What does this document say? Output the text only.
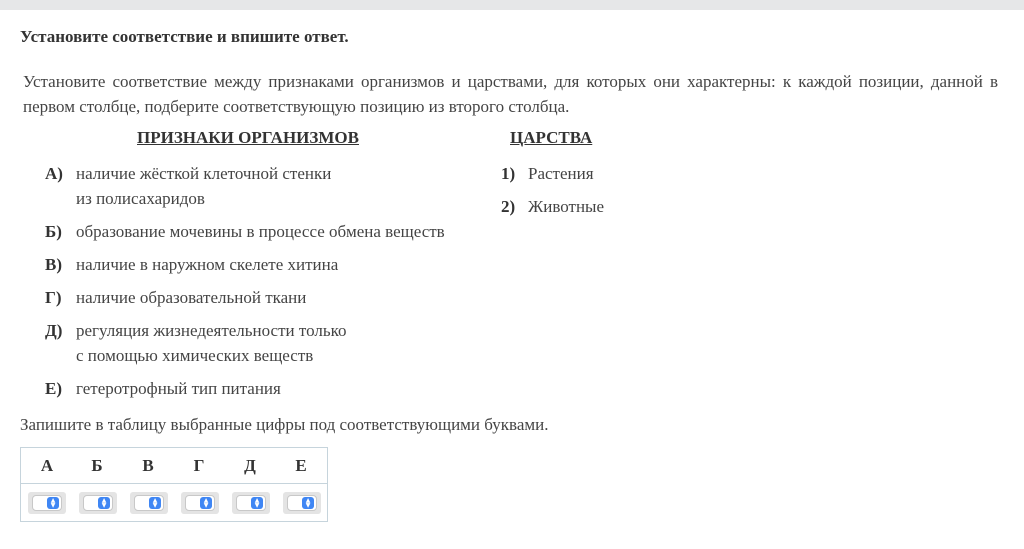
Установите соответствие и впишите ответ.
Установите соответствие между признаками организмов и царствами, для которых они характерны: к каждой позиции, данной в первом столбце, подберите соответствующую позицию из второго столбца.
ПРИЗНАКИ ОРГАНИЗМОВ	ЦАРСТВА
А) наличие жёсткой клеточной стенки
из полисахаридов
Б) образование мочевины в процессе обмена веществ
В) наличие в наружном скелете хитина
Г) наличие образовательной ткани
Д) регуляция жизнедеятельности только
с помощью химических веществ
Е) гетеротрофный тип питания
1) Растения
2) Животные
Запишите в таблицу выбранные цифры под соответствующими буквами.
А	Б	В	Г	Д	Е
▲
▼
▲
▼
▲
▼
▲
▼
▲
▼
▲
▼
